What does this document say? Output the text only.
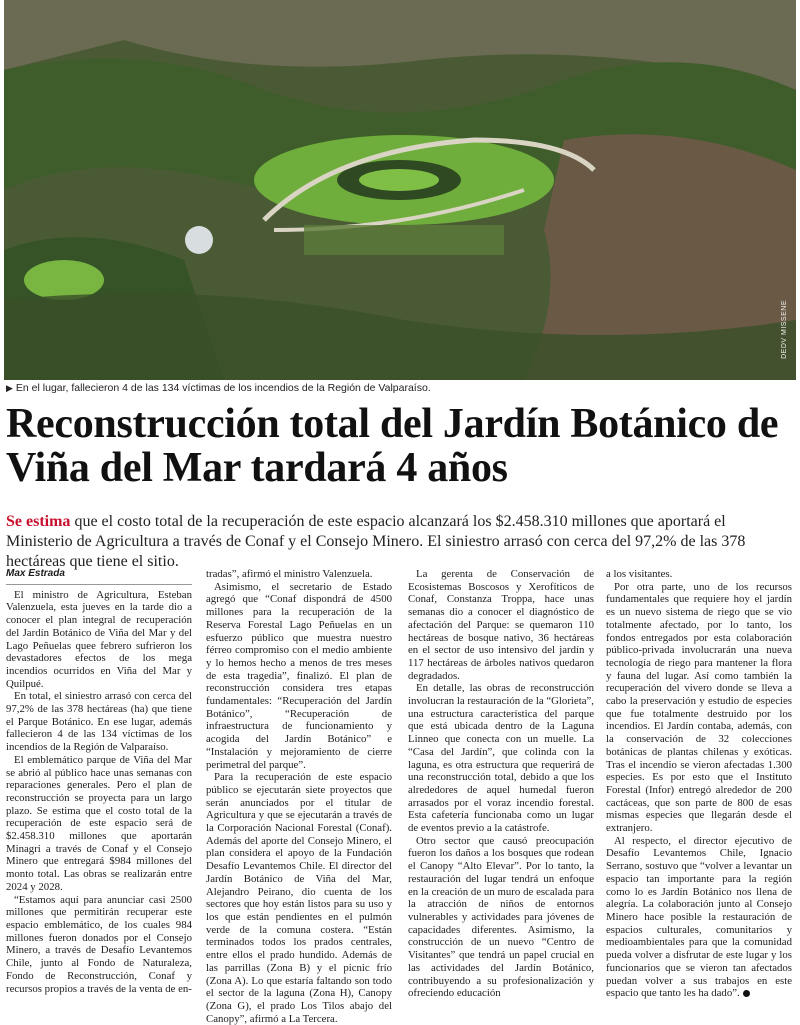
DEDV MISSENE
▶ En el lugar, fallecieron 4 de las 134 víctimas de los incendios de la Región de Valparaíso.
Reconstrucción total del Jardín Botánico de Viña del Mar tardará 4 años

Se estima que el costo total de la recuperación de este espacio alcanzará los $2.458.310 millones que aportará el Ministerio de Agricultura a través de Conaf y el Consejo Minero. El siniestro arrasó con cerca del 97,2% de las 378 hectáreas que tiene el sitio.

Max Estrada

El ministro de Agricultura, Esteban Valenzuela, esta jueves en la tarde dio a conocer el plan integral de recuperación del Jardín Botánico de Viña del Mar y del Lago Peñuelas quee febrero sufrieron los devastadores efectos de los mega incendios ocurridos en Viña del Mar y Quilpué.

En total, el siniestro arrasó con cerca del 97,2% de las 378 hectáreas (ha) que tiene el Parque Botánico. En ese lugar, además fallecieron 4 de las 134 víctimas de los incendios de la Región de Valparaíso.

El emblemático parque de Viña del Mar se abrió al público hace unas semanas con reparaciones generales. Pero el plan de reconstrucción se proyecta para un largo plazo. Se estima que el costo total de la recuperación de este espacio será de $2.458.310 millones que aportarán Minagri a través de Conaf y el Consejo Minero que entregará $984 millones del monto total. Las obras se realizarán entre 2024 y 2028.

“Estamos aquí para anunciar casi 2500 millones que permitirán recuperar este espacio emblemático, de los cuales 984 millones fueron donados por el Consejo Minero, a través de Desafío Levantemos Chile, junto al Fondo de Naturaleza, Fondo de Reconstrucción, Conaf y recursos propios a través de la venta de en-

tradas”, afirmó el ministro Valenzuela.

Asimismo, el secretario de Estado agregó que “Conaf dispondrá de 4500 millones para la recuperación de la Reserva Forestal Lago Peñuelas en un esfuerzo público que muestra nuestro férreo compromiso con el medio ambiente y lo hemos hecho a menos de tres meses de esta tragedia”, finalizó. El plan de reconstrucción considera tres etapas fundamentales: “Recuperación del Jardín Botánico”, “Recuperación de infraestructura de funcionamiento y acogida del Jardín Botánico” e “Instalación y mejoramiento de cierre perimetral del parque”.

Para la recuperación de este espacio público se ejecutarán siete proyectos que serán anunciados por el titular de Agricultura y que se ejecutarán a través de la Corporación Nacional Forestal (Conaf). Además del aporte del Consejo Minero, el plan considera el apoyo de la Fundación Desafío Levantemos Chile. El director del Jardín Botánico de Viña del Mar, Alejandro Peirano, dio cuenta de los sectores que hoy están listos para su uso y los que están pendientes en el pulmón verde de la comuna costera. “Están terminados todos los prados centrales, entre ellos el prado hundido. Además de las parrillas (Zona B) y el picnic frío (Zona A). Lo que estaría faltando son todo el sector de la laguna (Zona H), Canopy (Zona G), el prado Los Tilos abajo del Canopy”, afirmó a La Tercera.

La gerenta de Conservación de Ecosistemas Boscosos y Xerofíticos de Conaf, Constanza Troppa, hace unas semanas dio a conocer el diagnóstico de afectación del Parque: se quemaron 110 hectáreas de bosque nativo, 36 hectáreas en el sector de uso intensivo del jardín y 117 hectáreas de árboles nativos quedaron degradados.

En detalle, las obras de reconstrucción involucran la restauración de la “Glorieta”, una estructura característica del parque que está ubicada dentro de la Laguna Linneo que conecta con un muelle. La “Casa del Jardín”, que colinda con la laguna, es otra estructura que requerirá de una reconstrucción total, debido a que los alrededores de aquel humedal fueron arrasados por el voraz incendio forestal. Esta cafetería funcionaba como un lugar de eventos previo a la catástrofe.

Otro sector que causó preocupación fueron los daños a los bosques que rodean el Canopy “Alto Elevar”. Por lo tanto, la restauración del lugar tendrá un enfoque en la creación de un muro de escalada para la atracción de niños de entornos vulnerables y actividades para jóvenes de capacidades diferentes. Asimismo, la construcción de un nuevo “Centro de Visitantes” que tendrá un papel crucial en las actividades del Jardín Botánico, contribuyendo a su profesionalización y ofreciendo educación

a los visitantes.

Por otra parte, uno de los recursos fundamentales que requiere hoy el jardín es un nuevo sistema de riego que se vio totalmente afectado, por lo tanto, los fondos entregados por esta colaboración público-privada involucrarán una nueva tecnología de riego para mantener la flora y fauna del lugar. Así como también la recuperación del vivero donde se lleva a cabo la preservación y estudio de especies que fue totalmente destruido por los incendios. El Jardín contaba, además, con la conservación de 32 colecciones botánicas de plantas chilenas y exóticas. Tras el incendio se vieron afectadas 1.300 especies. Es por esto que el Instituto Forestal (Infor) entregó alrededor de 200 cactáceas, que son parte de 800 de esas mismas especies que llegarán desde el extranjero.

Al respecto, el director ejecutivo de Desafío Levantemos Chile, Ignacio Serrano, sostuvo que “volver a levantar un espacio tan importante para la región como lo es Jardín Botánico nos llena de alegría. La colaboración junto al Consejo Minero hace posible la restauración de espacios culturales, comunitarios y medioambientales para que la comunidad pueda volver a disfrutar de este lugar y los funcionarios que se vieron tan afectados puedan volver a sus trabajos en este espacio que tanto les ha dado”.
